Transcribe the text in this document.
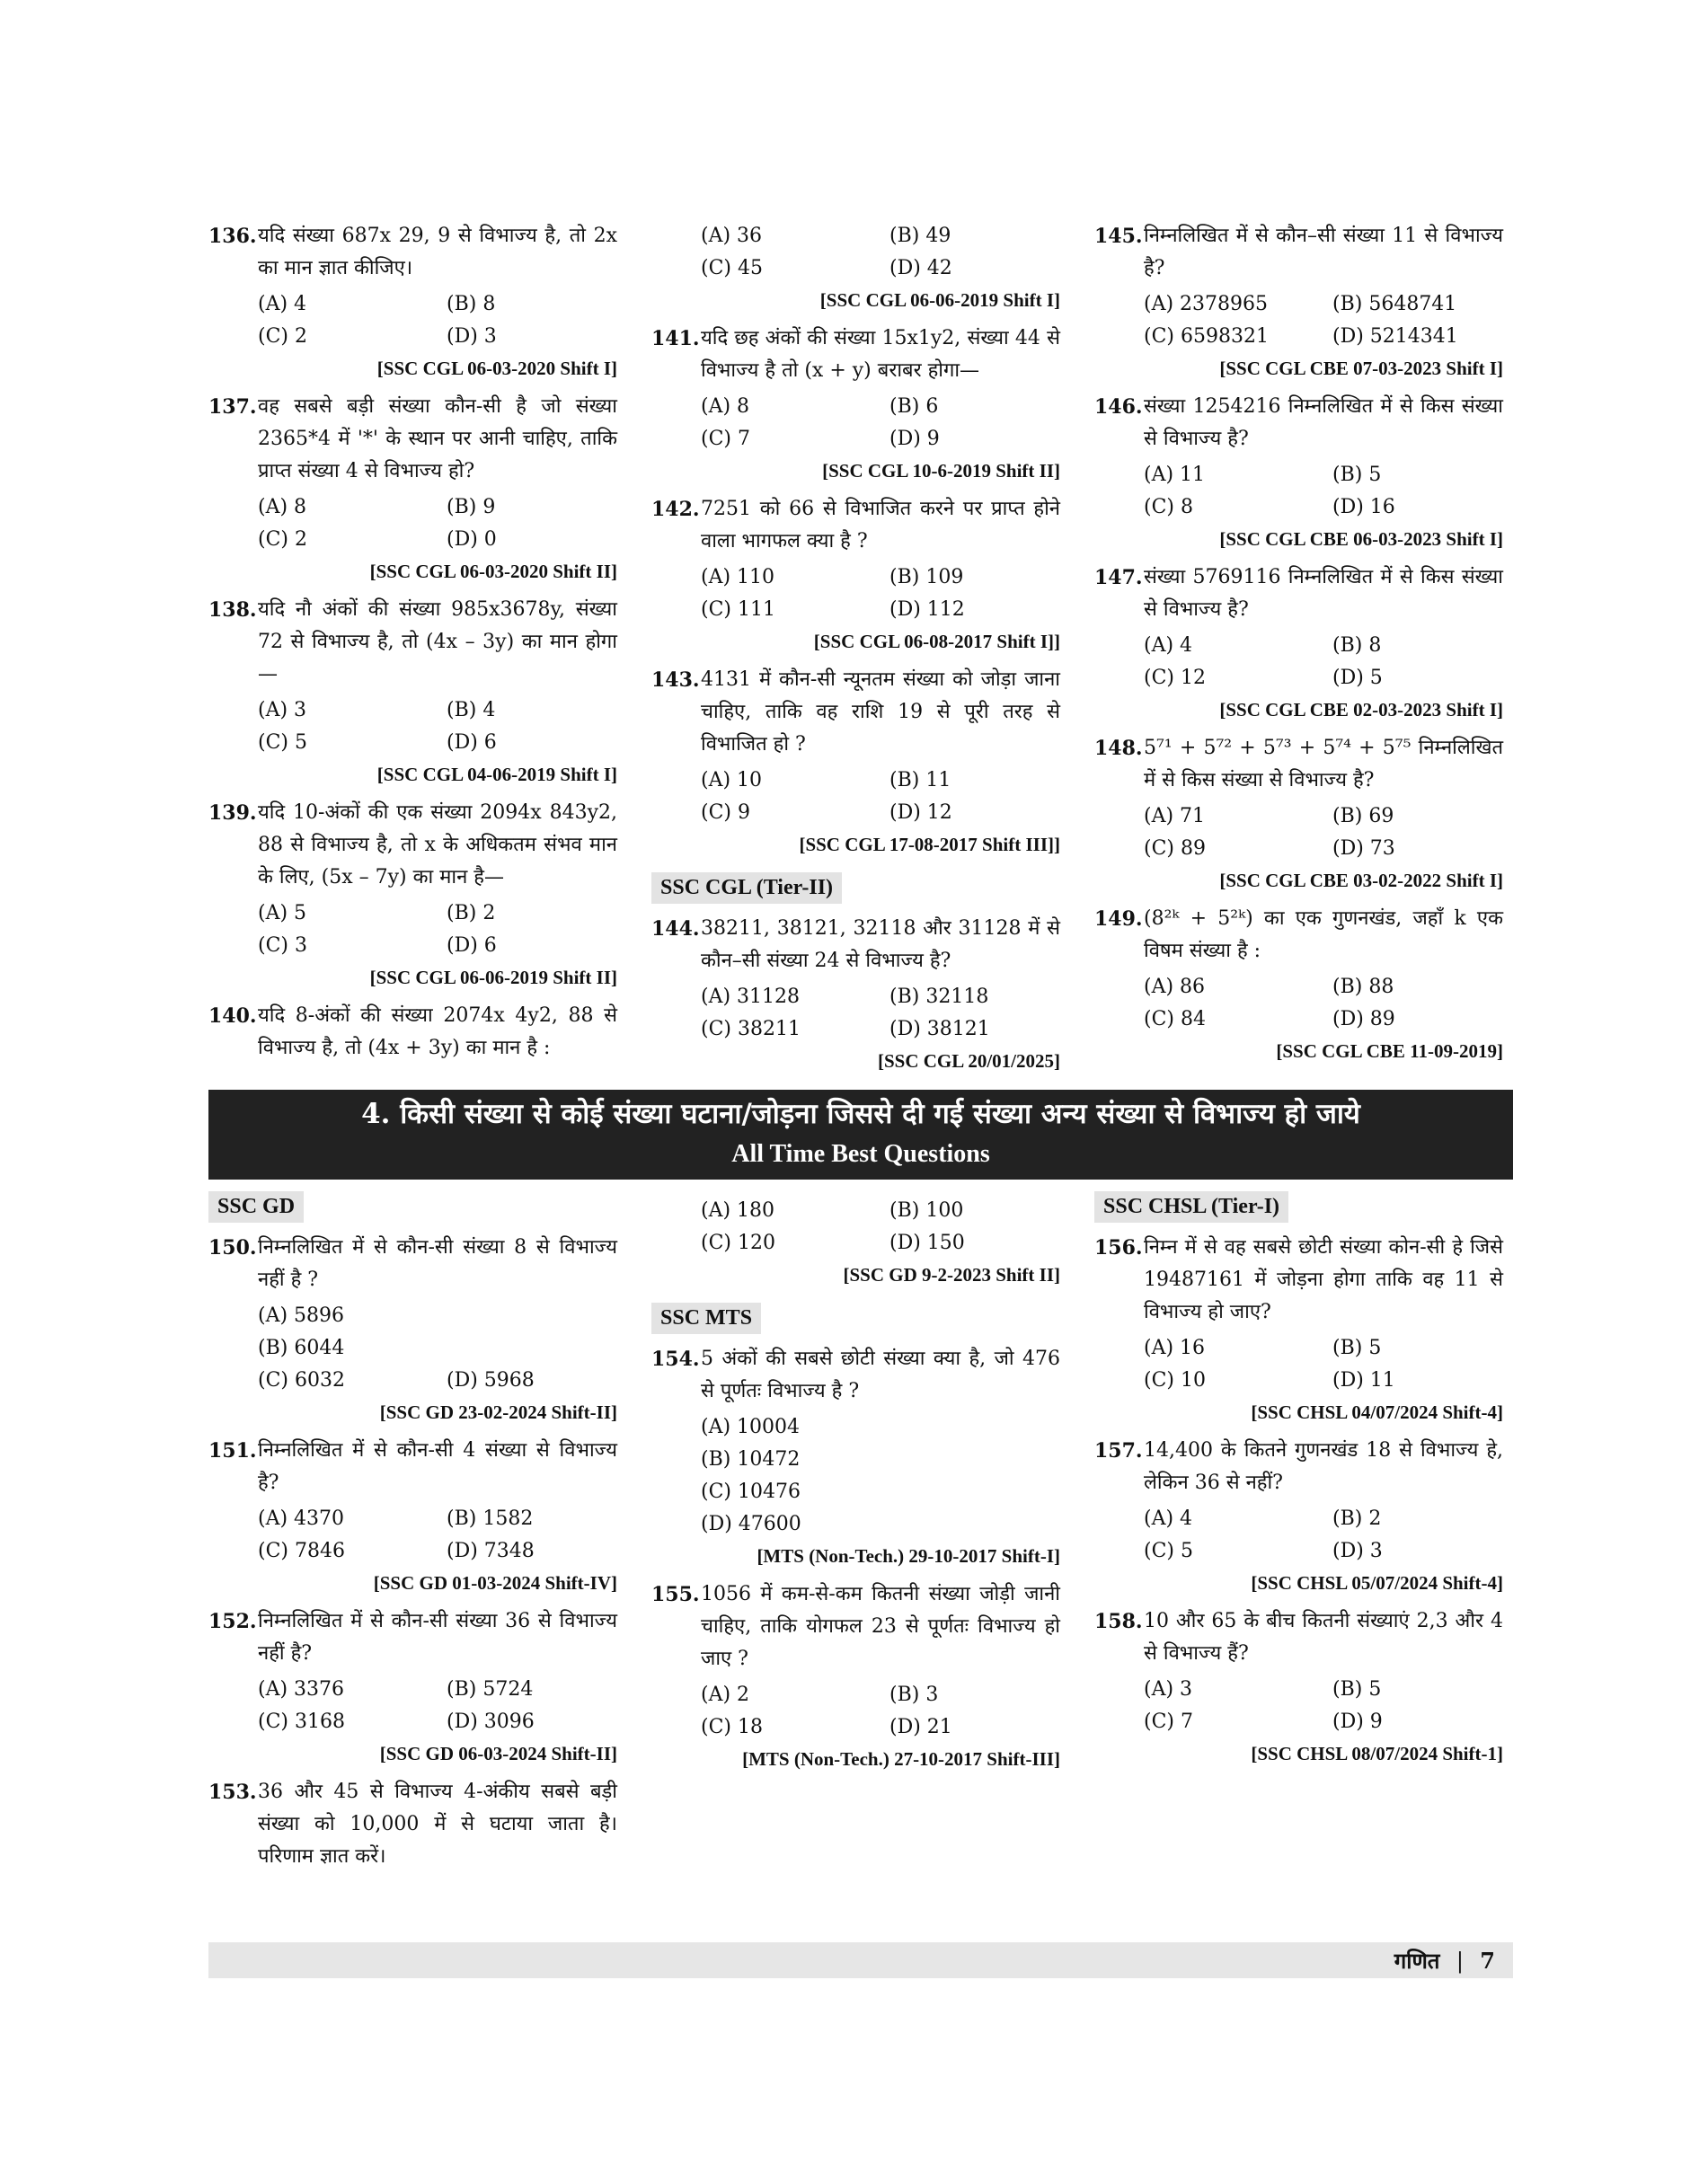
136. यदि संख्या 687x 29, 9 से विभाज्य है, तो 2x का मान ज्ञात कीजिए।
(A) 4	(B) 8
(C) 2	(D) 3
[SSC CGL 06-03-2020 Shift I]
137. वह सबसे बड़ी संख्या कौन-सी है जो संख्या 2365*4 में '*' के स्थान पर आनी चाहिए, ताकि प्राप्त संख्या 4 से विभाज्य हो?
(A) 8	(B) 9
(C) 2	(D) 0
[SSC CGL 06-03-2020 Shift II]
138. यदि नौ अंकों की संख्या 985x3678y, संख्या 72 से विभाज्य है, तो (4x – 3y) का मान होगा—
(A) 3	(B) 4
(C) 5	(D) 6
[SSC CGL 04-06-2019 Shift I]
139. यदि 10-अंकों की एक संख्या 2094x 843y2, 88 से विभाज्य है, तो x के अधिकतम संभव मान के लिए, (5x – 7y) का मान है—
(A) 5	(B) 2
(C) 3	(D) 6
[SSC CGL 06-06-2019 Shift II]
140. यदि 8-अंकों की संख्या 2074x 4y2, 88 से विभाज्य है, तो (4x + 3y) का मान है :
(A) 36	(B) 49
(C) 45	(D) 42
[SSC CGL 06-06-2019 Shift I]
141. यदि छह अंकों की संख्या 15x1y2, संख्या 44 से विभाज्य है तो (x + y) बराबर होगा—
(A) 8	(B) 6
(C) 7	(D) 9
[SSC CGL 10-6-2019 Shift II]
142. 7251 को 66 से विभाजित करने पर प्राप्त होने वाला भागफल क्या है ?
(A) 110	(B) 109
(C) 111	(D) 112
[SSC CGL 06-08-2017 Shift I]]
143. 4131 में कौन-सी न्यूनतम संख्या को जोड़ा जाना चाहिए, ताकि वह राशि 19 से पूरी तरह से विभाजित हो ?
(A) 10	(B) 11
(C) 9	(D) 12
[SSC CGL 17-08-2017 Shift III]]
SSC CGL (Tier-II)
144. 38211, 38121, 32118 और 31128 में से कौन–सी संख्या 24 से विभाज्य है?
(A) 31128	(B) 32118
(C) 38211	(D) 38121
[SSC CGL 20/01/2025]
145. निम्नलिखित में से कौन–सी संख्या 11 से विभाज्य है?
(A) 2378965	(B) 5648741
(C) 6598321	(D) 5214341
[SSC CGL CBE 07-03-2023 Shift I]
146. संख्या 1254216 निम्नलिखित में से किस संख्या से विभाज्य है?
(A) 11	(B) 5
(C) 8	(D) 16
[SSC CGL CBE 06-03-2023 Shift I]
147. संख्या 5769116 निम्नलिखित में से किस संख्या से विभाज्य है?
(A) 4	(B) 8
(C) 12	(D) 5
[SSC CGL CBE 02-03-2023 Shift I]
148. 5⁷¹ + 5⁷² + 5⁷³ + 5⁷⁴ + 5⁷⁵ निम्नलिखित में से किस संख्या से विभाज्य है?
(A) 71	(B) 69
(C) 89	(D) 73
[SSC CGL CBE 03-02-2022 Shift I]
149. (8²ᵏ + 5²ᵏ) का एक गुणनखंड, जहाँ k एक विषम संख्या है :
(A) 86	(B) 88
(C) 84	(D) 89
[SSC CGL CBE 11-09-2019]
4. किसी संख्या से कोई संख्या घटाना/जोड़ना जिससे दी गई संख्या अन्य संख्या से विभाज्य हो जाये
All Time Best Questions
SSC GD
150. निम्नलिखित में से कौन-सी संख्या 8 से विभाज्य नहीं है ?
(A) 5896
(B) 6044
(C) 6032	(D) 5968
[SSC GD 23-02-2024 Shift-II]
151. निम्नलिखित में से कौन-सी 4 संख्या से विभाज्य है?
(A) 4370	(B) 1582
(C) 7846	(D) 7348
[SSC GD 01-03-2024 Shift-IV]
152. निम्नलिखित में से कौन-सी संख्या 36 से विभाज्य नहीं है?
(A) 3376	(B) 5724
(C) 3168	(D) 3096
[SSC GD 06-03-2024 Shift-II]
153. 36 और 45 से विभाज्य 4-अंकीय सबसे बड़ी संख्या को 10,000 में से घटाया जाता है। परिणाम ज्ञात करें।
(A) 180	(B) 100
(C) 120	(D) 150
[SSC GD 9-2-2023 Shift II]
SSC MTS
154. 5 अंकों की सबसे छोटी संख्या क्या है, जो 476 से पूर्णतः विभाज्य है ?
(A) 10004
(B) 10472
(C) 10476
(D) 47600
[MTS (Non-Tech.) 29-10-2017 Shift-I]
155. 1056 में कम-से-कम कितनी संख्या जोड़ी जानी चाहिए, ताकि योगफल 23 से पूर्णतः विभाज्य हो जाए ?
(A) 2	(B) 3
(C) 18	(D) 21
[MTS (Non-Tech.) 27-10-2017 Shift-III]
SSC CHSL (Tier-I)
156. निम्न में से वह सबसे छोटी संख्या कोन-सी हे जिसे 19487161 में जोड़ना होगा ताकि वह 11 से विभाज्य हो जाए?
(A) 16	(B) 5
(C) 10	(D) 11
[SSC CHSL 04/07/2024 Shift-4]
157. 14,400 के कितने गुणनखंड 18 से विभाज्य हे, लेकिन 36 से नहीं?
(A) 4	(B) 2
(C) 5	(D) 3
[SSC CHSL 05/07/2024 Shift-4]
158. 10 और 65 के बीच कितनी संख्याएं 2,3 और 4 से विभाज्य हैं?
(A) 3	(B) 5
(C) 7	(D) 9
[SSC CHSL 08/07/2024 Shift-1]
गणित | 7
